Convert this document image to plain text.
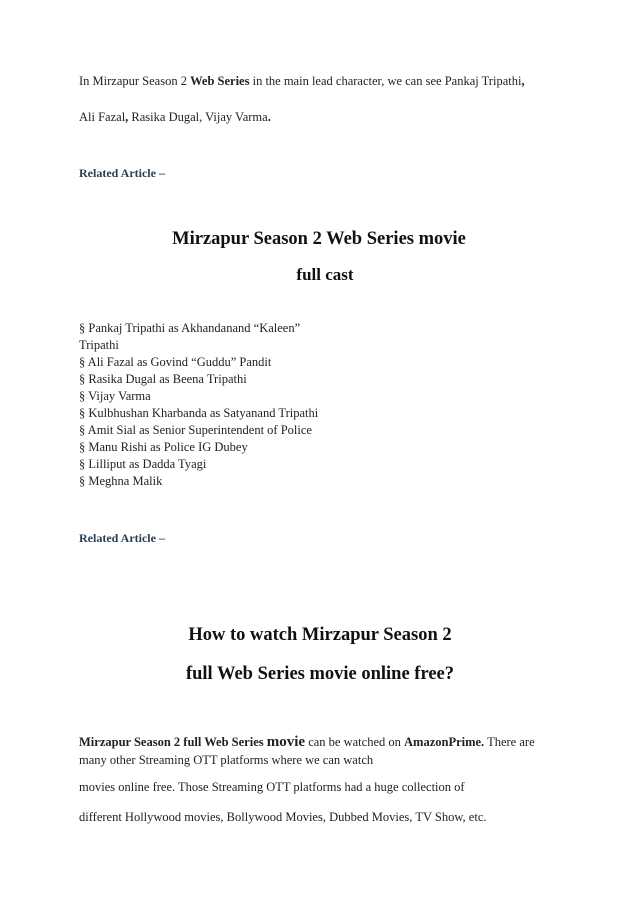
In Mirzapur Season 2 Web Series in the main lead character, we can see Pankaj Tripathi,
Ali Fazal, Rasika Dugal, Vijay Varma.
Related Article –
Mirzapur Season 2 Web Series movie
full cast
§ Pankaj Tripathi as Akhandanand “Kaleen”
Tripathi
§ Ali Fazal as Govind “Guddu” Pandit
§ Rasika Dugal as Beena Tripathi
§ Vijay Varma
§ Kulbhushan Kharbanda as Satyanand Tripathi
§ Amit Sial as Senior Superintendent of Police
§ Manu Rishi as Police IG Dubey
§ Lilliput as Dadda Tyagi
§ Meghna Malik
Related Article –
How to watch Mirzapur Season 2
full Web Series movie online free?
Mirzapur Season 2 full Web Series movie can be watched on AmazonPrime. There are
many other Streaming OTT platforms where we can watch
movies online free. Those Streaming OTT platforms had a huge collection of
different Hollywood movies, Bollywood Movies, Dubbed Movies, TV Show, etc.
